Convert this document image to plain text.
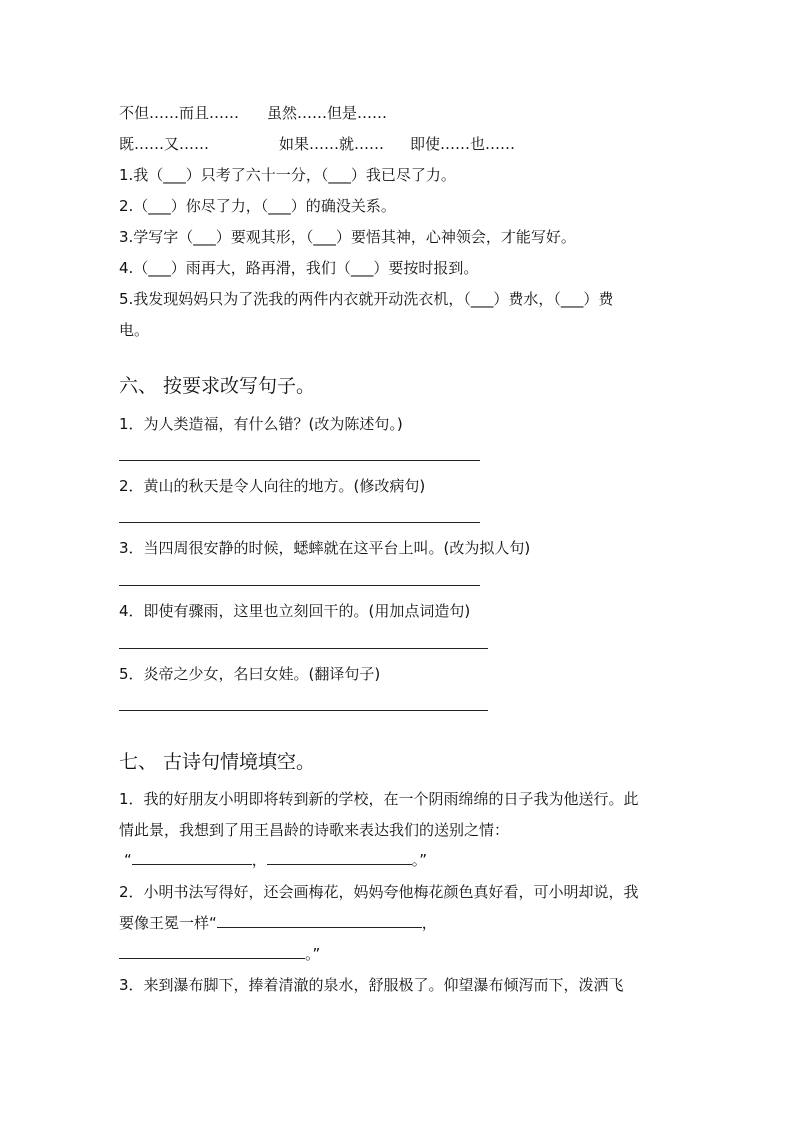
不但……而且…… 虽然……但是……
既……又……	如果……就…… 即使……也……
1.我（___）只考了六十一分，（___）我已尽了力。
2.（___）你尽了力，（___）的确没关系。
3.学写字（___）要观其形，（___）要悟其神，心神领会，才能写好。
4.（___）雨再大，路再滑，我们（___）要按时报到。
5.我发现妈妈只为了洗我的两件内衣就开动洗衣机，（___）费水，（___）费
电。
六、 按要求改写句子。
1．为人类造福，有什么错？(改为陈述句。)
2．黄山的秋天是令人向往的地方。(修改病句)
3．当四周很安静的时候，蟋蟀就在这平台上叫。(改为拟人句)
4．即使有骤雨，这里也立刻回干的。(用加点词造句)
5．炎帝之少女，名曰女娃。(翻译句子)
七、 古诗句情境填空。
1．我的好朋友小明即将转到新的学校，在一个阴雨绵绵的日子我为他送行。此
情此景，我想到了用王昌龄的诗歌来表达我们的送别之情：
“	，	。”
2．小明书法写得好，还会画梅花，妈妈夸他梅花颜色真好看，可小明却说，我
要像王冕一样“	，
。”
3．来到瀑布脚下，捧着清澈的泉水，舒服极了。仰望瀑布倾泻而下，泼洒飞
